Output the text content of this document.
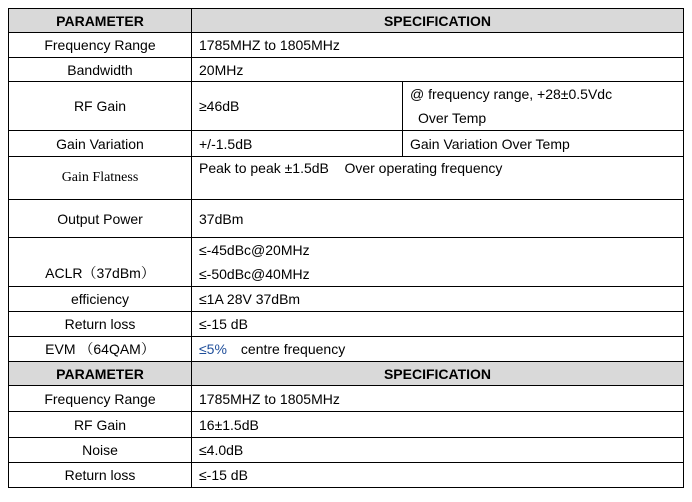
PARAMETER	SPECIFICATION	
Frequency Range	1785MHZ to 1805MHz	
Bandwidth	20MHz	
RF Gain	≥46dB	@ frequency range, +28±0.5Vdc
Over Temp

Gain Variation	+/-1.5dB	Gain Variation Over Temp
Gain Flatness	Peak to peak ±1.5dB    Over operating frequency	
Output Power	37dBm	
ACLR（37dBm）	≤-45dBc@20MHz
≤-50dBc@40MHz	

efficiency	≤1A 28V 37dBm	
Return loss	≤-15 dB	
EVM （64QAM）	≤5% centre frequency	
PARAMETER	SPECIFICATION	
Frequency Range	1785MHZ to 1805MHz	
RF Gain	16±1.5dB	
Noise	≤4.0dB	
Return loss	≤-15 dB	
